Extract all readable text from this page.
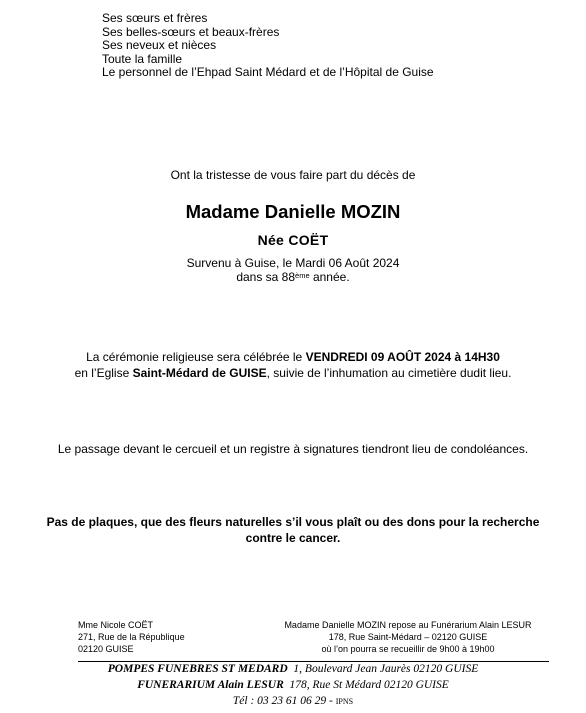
Ses sœurs et frères
Ses belles-sœurs et beaux-frères
Ses neveux et nièces
Toute la famille
Le personnel de l’Ehpad Saint Médard et de l’Hôpital de Guise
Ont la tristesse de vous faire part du décès de
Madame Danielle MOZIN
Née COËT
Survenu à Guise, le Mardi 06 Août 2024
dans sa 88ème année.
La cérémonie religieuse sera célébrée le VENDREDI 09 AOÛT 2024 à 14H30
en l’Eglise Saint-Médard de GUISE, suivie de l’inhumation au cimetière dudit lieu.
Le passage devant le cercueil et un registre à signatures tiendront lieu de condoléances.
Pas de plaques, que des fleurs naturelles s’il vous plaît ou des dons pour la recherche
contre le cancer.
Mme Nicole COËT
271, Rue de la République
02120 GUISE
Madame Danielle MOZIN repose au Funérarium Alain LESUR
178, Rue Saint-Médard – 02120 GUISE
où l’on pourra se recueillir de 9h00 à 19h00
POMPES FUNEBRES ST MEDARD 1, Boulevard Jean Jaurès 02120 GUISE
FUNERARIUM Alain LESUR 178, Rue St Médard 02120 GUISE
Tél : 03 23 61 06 29 - IPNS
